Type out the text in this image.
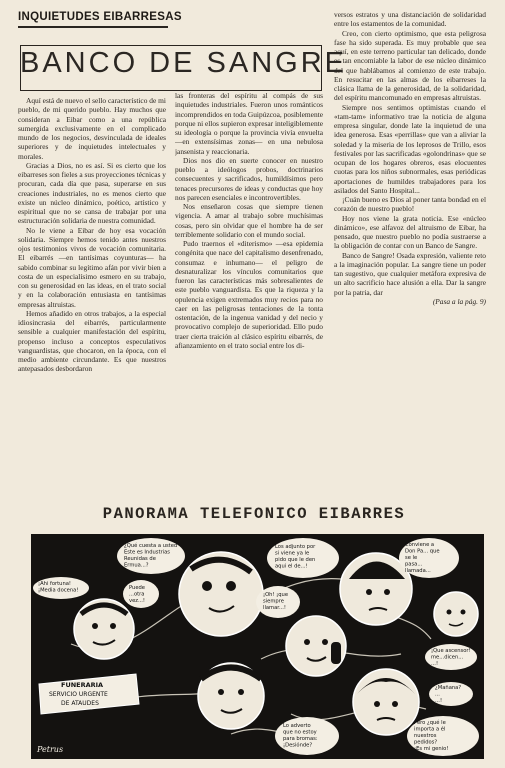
INQUIETUDES EIBARRESAS
BANCO DE SANGRE

Aquí está de nuevo el sello característico de mi pueblo, de mi querido pueblo. Hay muchos que consideran a Eibar como a una república sumergida exclusivamente en el complicado mundo de los negocios, desvinculada de ideales superiores y de inquietudes intelectuales y morales.

Gracias a Dios, no es así. Si es cierto que los eibarreses son fieles a sus proyecciones técnicas y procuran, cada día que pasa, superarse en sus creaciones industriales, no es menos cierto que existe un núcleo dinámico, poético, artístico y espiritual que no se cansa de trabajar por una estructuración solidaria de nuestra comunidad.

No le viene a Eibar de hoy esa vocación solidaria. Siempre hemos tenido antes nuestros ojos testimonios vivos de vocación comunitaria. El eibarrés —en tantísimas coyunturas— ha sabido combinar su legítimo afán por vivir bien a costa de un especialísimo esmero en su trabajo, con su generosidad en las ideas, en el trato social y en la colaboración entusiasta en tantísimas empresas altruistas.

Hemos añadido en otros trabajos, a la especial idiosincrasia del eibarrés, particularmente sensible a cualquier manifestación del espíritu, propenso incluso a conceptos especulativos vanguardistas, que chocaron, en la época, con el medio ambiente circundante. Es que nuestros antepasados desbordaron

las fronteras del espíritu al compás de sus inquietudes industriales. Fueron unos románticos incomprendidos en toda Guipúzcoa, posiblemente porque ni ellos supieron expresar inteligiblemente su ideología o porque la provincia vivía envuelta —en extensísimas zonas— en una nebulosa jansenista y reaccionaria.

Dios nos dio en suerte conocer en nuestro pueblo a ideólogos probos, doctrinarios consecuentes y sacrificados, humildísimos pero tenaces precursores de ideas y conductas que hoy nos parecen esenciales e incontrovertibles.

Nos enseñaron cosas que siempre tienen vigencia. A amar al trabajo sobre muchísimas cosas, pero sin olvidar que el hombre ha de ser terriblemente solidario con el mundo social.

Pudo traernos el «diterismo» —esa epidemia congénita que nace del capitalismo desenfrenado, consumaz e inhumano— el peligro de desnaturalizar los vínculos comunitarios que fueron las características más sobresalientes de este pueblo vanguardista. Es que la riqueza y la opulencia exigen extremados muy recios para no caer en las peligrosas tentaciones de la tonta ostentación, de la ingenua vanidad y del necio y provocativo complejo de superioridad. Ello pudo traer cierta traición al clásico espíritu eibarrés, de afianzamiento en el trato social entre los di-

versos estratos y una distanciación de solidaridad entre los estamentos de la comunidad.

Creo, con cierto optimismo, que esta peligrosa fase ha sido superada. Es muy probable que sea aquí, en este terreno particular tan delicado, donde es tan encomiable la labor de ese núcleo dinámico del que hablábamos al comienzo de este trabajo. En resucitar en las almas de los eibarreses la clásica llama de la generosidad, de la solidaridad, del espíritu mancomunado en empresas altruistas.

Siempre nos sentimos optimistas cuando el «tam-tam» informativo trae la noticia de alguna empresa singular, donde late la inquietud de una idea generosa. Esas «perrillas» que van a aliviar la soledad y la miseria de los leprosos de Trillo, esos festivales por las sacrificadas «golondrinas» que se ocupan de los hogares obreros, esas elocuentes cuotas para los niños subnormales, esas periódicas aportaciones de humildes trabajadores para los asilados del Santo Hospital...

¡Cuán bueno es Dios al poner tanta bondad en el corazón de nuestro pueblo!

Hoy nos viene la grata noticia. Ese «núcleo dinámico», ese alfavoz del altruismo de Eibar, ha pensado, que nuestro pueblo no podía sustraerse a la obligación de contar con un Banco de Sangre.

Banco de Sangre! Osada expresión, valiente reto a la imaginación popular. La sangre tiene un poder tan sugestivo, que cualquier metáfora expresiva de un alto sacrificio hace alusión a ella. Dar la sangre por la patria, dar

(Pasa a la pág. 9)

PANORAMA TELEFONICO EIBARRES
¿Qué cuesta a usted Este es Industrias Reunidas de Ermua...?
Los adjunto por si viene ya le pido que le den aqui el de...!
¡Oh! ¡que siempre llamar...!
Conviene a Don Pa... que se le pasa... llamada...
Puede ...otra vez...!
¡Que ascensor! me...dicen... ...!
¡Ahi fortuna! ¡Media docena!
¿Mañana? ... ...!
Lo adverto que no estoy para bromas: ¡Desiónde?
Pero ¿qué le importa a él nuestros pedidos? ¡Es mi genio!
FUNERARIA
SERVICIO URGENTE
DE ATAUDES
Petrus
